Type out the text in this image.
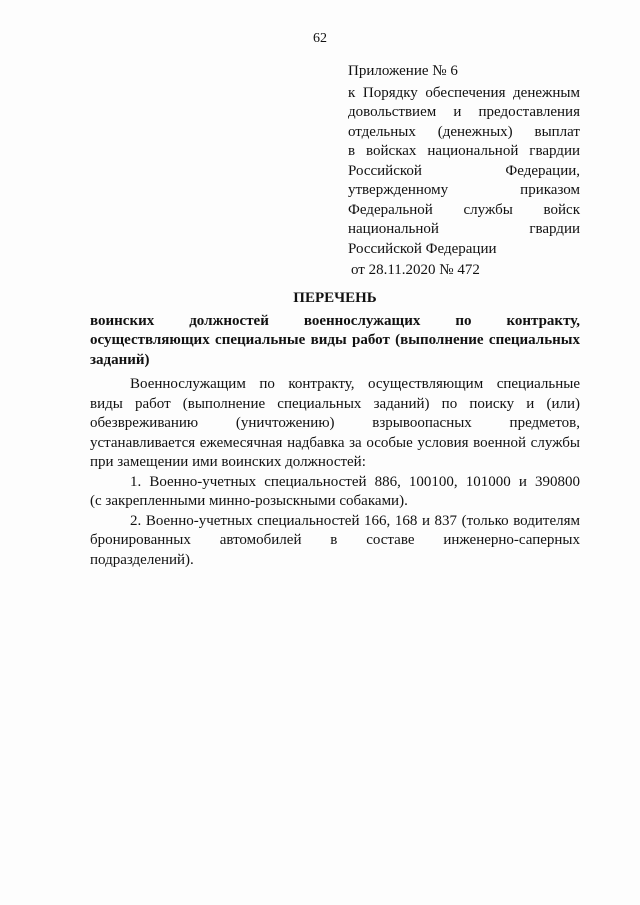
62
Приложение № 6
к Порядку обеспечения денежным
довольствием и предоставления
отдельных (денежных) выплат
в войсках национальной гвардии
Российской Федерации,
утвержденному приказом
Федеральной службы войск
национальной гвардии
Российской Федерации
от 28.11.2020 № 472
ПЕРЕЧЕНЬ
воинских должностей военнослужащих по контракту,
осуществляющих специальные виды работ (выполнение специальных
заданий)
Военнослужащим по контракту, осуществляющим специальные
виды работ (выполнение специальных заданий) по поиску и (или)
обезвреживанию (уничтожению) взрывоопасных предметов,
устанавливается ежемесячная надбавка за особые условия военной службы
при замещении ими воинских должностей:
1. Военно-учетных специальностей 886, 100100, 101000 и 390800
(с закрепленными минно-розыскными собаками).
2. Военно-учетных специальностей 166, 168 и 837 (только водителям
бронированных автомобилей в составе инженерно-саперных
подразделений).
